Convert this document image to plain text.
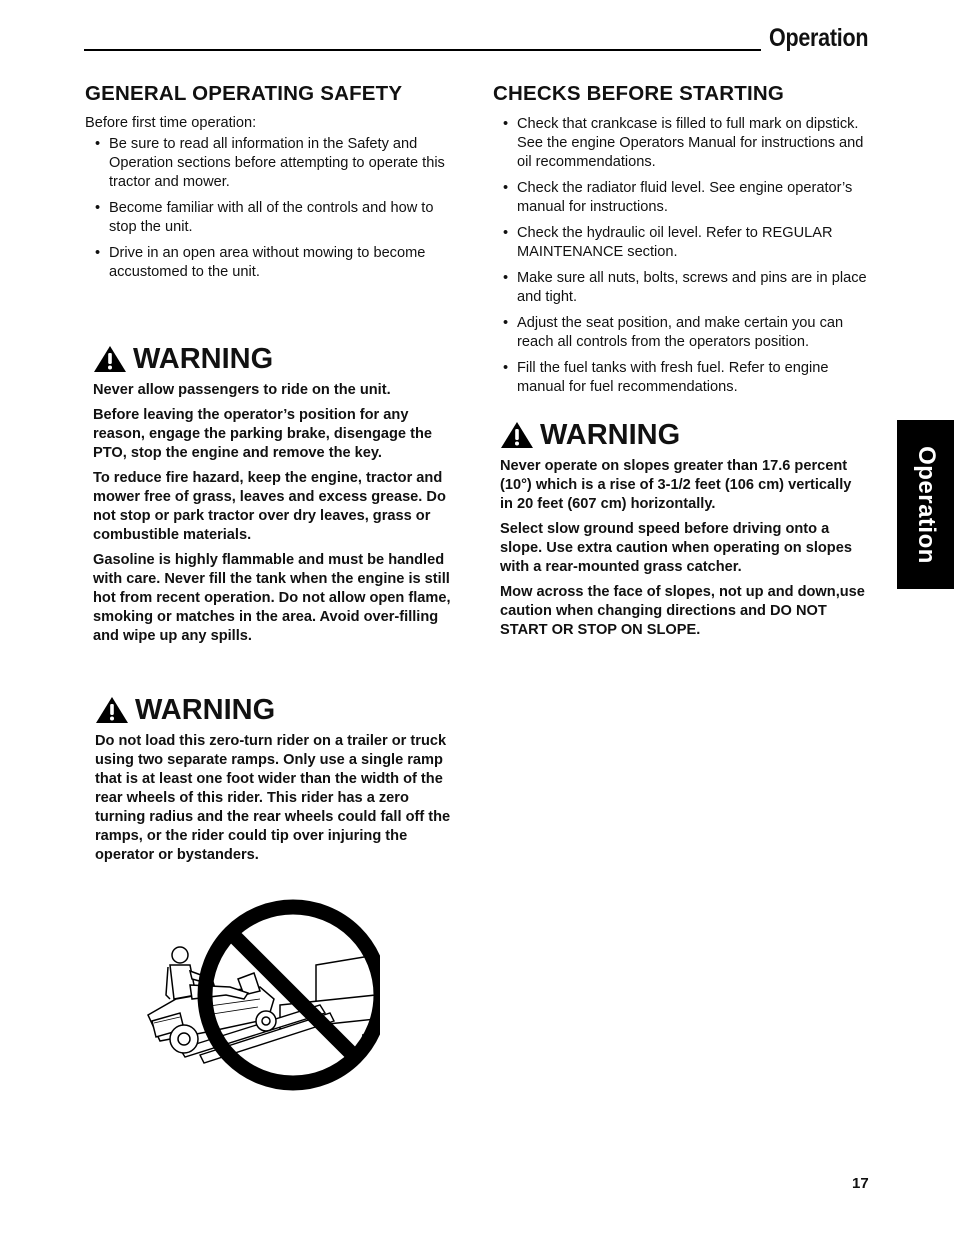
Operation
Operation
GENERAL OPERATING SAFETY

Before first time operation:

• Be sure to read all information in the Safety and Operation sections before attempting to operate this tractor and mower.
• Become familiar with all of the controls and how to stop the unit.
• Drive in an open area without mowing to become accustomed to the unit.
CHECKS BEFORE STARTING
• Check that crankcase is filled to full mark on dipstick. See the engine Operators Manual for instructions and oil recommendations.
• Check the radiator fluid level. See engine operator’s manual for instructions.
• Check the hydraulic oil level. Refer to REGULAR MAINTENANCE section.
• Make sure all nuts, bolts, screws and pins are in place and tight.
• Adjust the seat position, and make certain you can reach all controls from the operators position.
• Fill the fuel tanks with fresh fuel. Refer to engine manual for fuel recommendations.
WARNING

Never allow passengers to ride on the unit.

Before leaving the operator’s position for any reason, engage the parking brake, disengage the PTO, stop the engine and remove the key.

To reduce fire hazard, keep the engine, tractor and mower free of grass, leaves and excess grease. Do not stop or park tractor over dry leaves, grass or combustible materials.

Gasoline is highly flammable and must be handled with care. Never fill the tank when the engine is still hot from recent operation. Do not allow open flame, smoking or matches in the area. Avoid over-filling and wipe up any spills.

WARNING

Do not load this zero-turn rider on a trailer or truck using two separate ramps. Only use a single ramp that is at least one foot wider than the width of the rear wheels of this rider. This rider has a zero turning radius and the rear wheels could fall off the ramps, or the rider could tip over injuring the operator or bystanders.

WARNING

Never operate on slopes greater than 17.6 percent (10°) which is a rise of 3-1/2 feet (106 cm) vertically in 20 feet (607 cm) horizontally.

Select slow ground speed before driving onto a slope. Use extra caution when operating on slopes with a rear-mounted grass catcher.

Mow across the face of slopes, not up and down,use caution when changing directions and DO NOT START OR STOP ON SLOPE.

17
